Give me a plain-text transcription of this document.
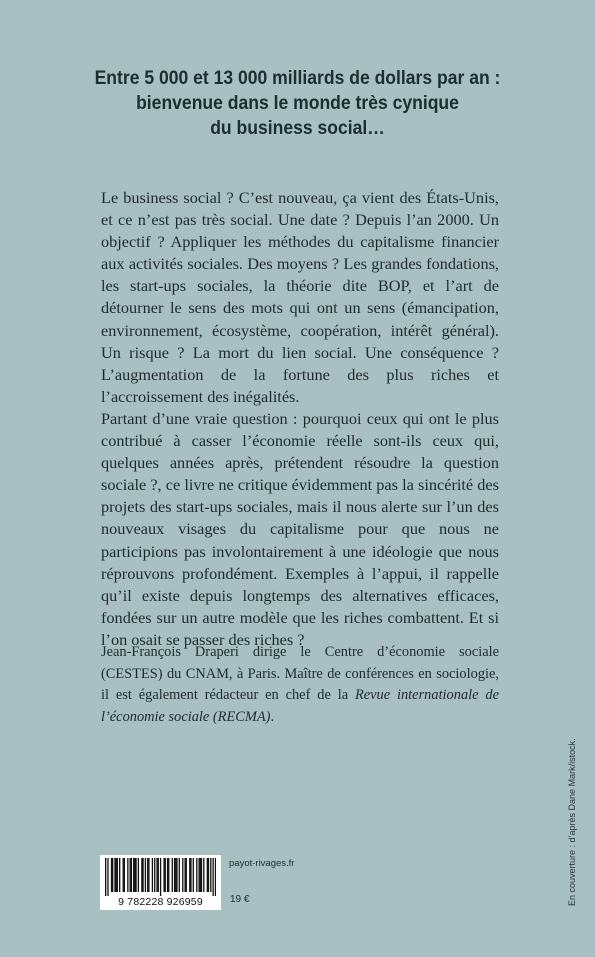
Entre 5 000 et 13 000 milliards de dollars par an :
bienvenue dans le monde très cynique
du business social…

Le business social ? C’est nouveau, ça vient des États-Unis, et ce n’est pas très social. Une date ? Depuis l’an 2000. Un objectif ? Appliquer les méthodes du capitalisme financier aux activités sociales. Des moyens ? Les grandes fondations, les start-ups sociales, la théorie dite BOP, et l’art de détourner le sens des mots qui ont un sens (émancipation, environnement, écosystème, coopération, intérêt général). Un risque ? La mort du lien social. Une conséquence ? L’augmentation de la fortune des plus riches et l’accroissement des inégalités.

Partant d’une vraie question : pourquoi ceux qui ont le plus contribué à casser l’économie réelle sont-ils ceux qui, quelques années après, prétendent résoudre la question sociale ?, ce livre ne critique évidemment pas la sincérité des projets des start-ups sociales, mais il nous alerte sur l’un des nouveaux visages du capitalisme pour que nous ne participions pas involontairement à une idéologie que nous réprouvons profondément. Exemples à l’appui, il rappelle qu’il existe depuis longtemps des alternatives efficaces, fondées sur un autre modèle que les riches combattent. Et si l’on osait se passer des riches ?

Jean-François Draperi dirige le Centre d’économie sociale (CESTES) du CNAM, à Paris. Maître de conférences en sociologie, il est également rédacteur en chef de la Revue internationale de l’économie sociale (RECMA).

En couverture : d’après Dane Mark/istock.
9 782228 926959
payot-rivages.fr
19 €
